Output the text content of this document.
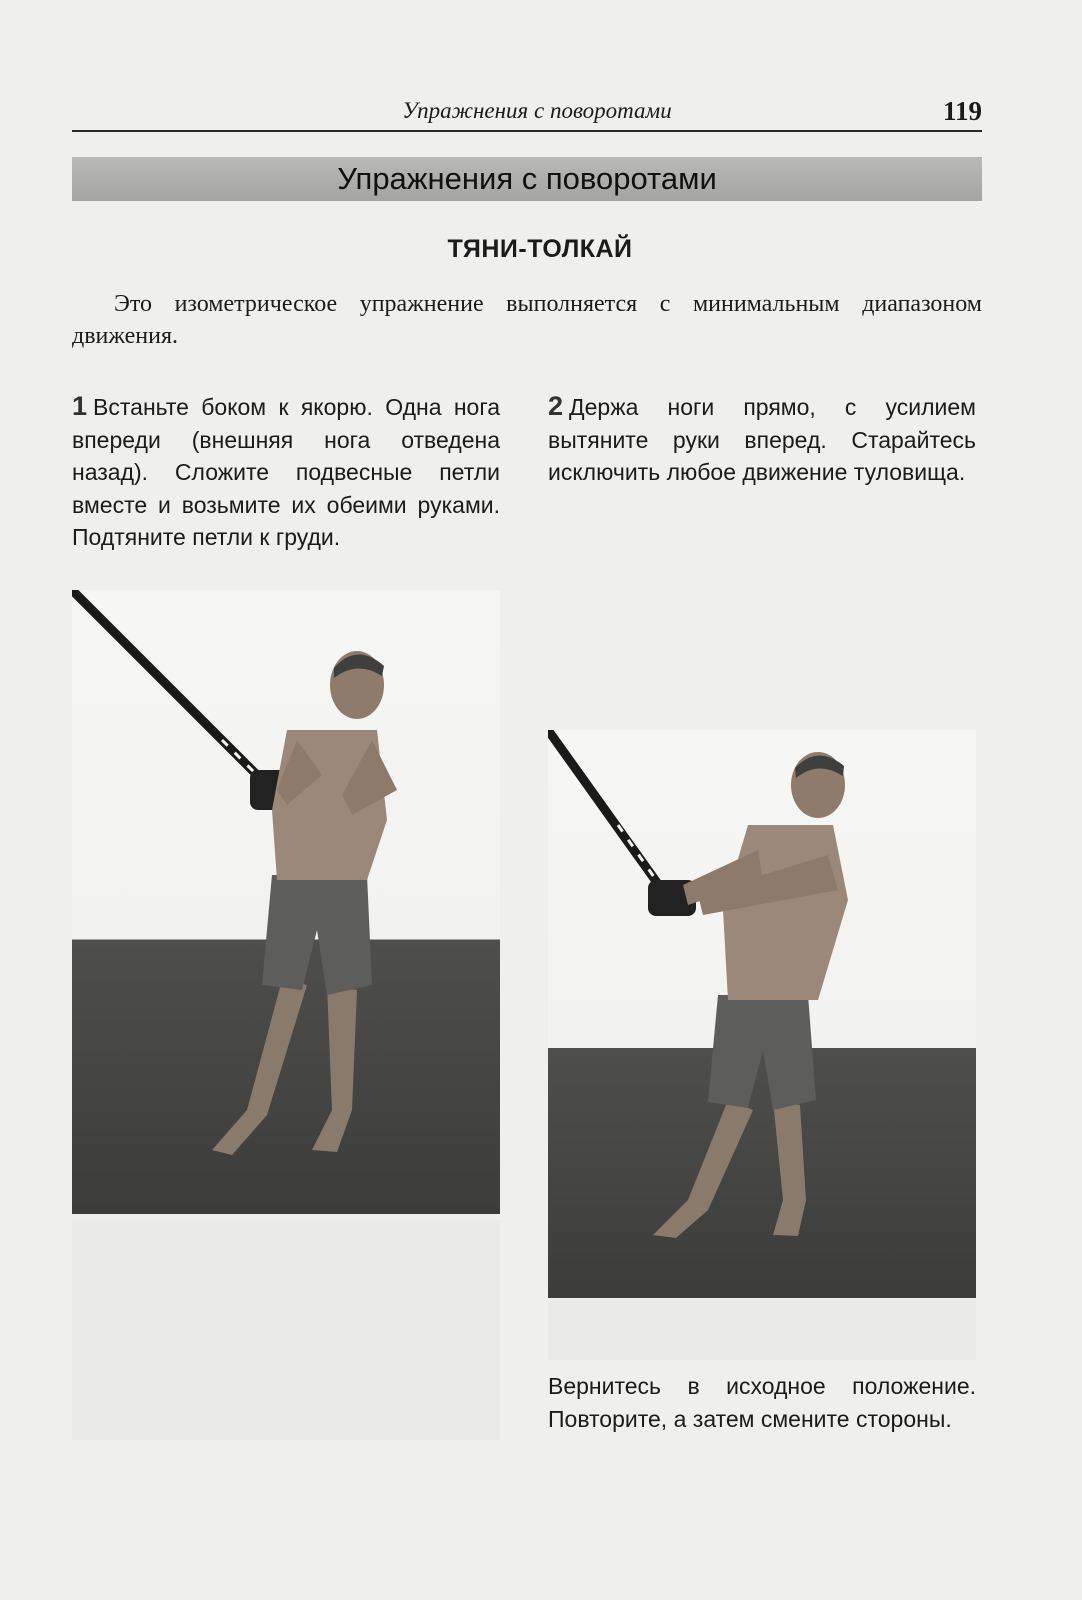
Упражнения с поворотами	119
Упражнения с поворотами
ТЯНИ-ТОЛКАЙ
Это изометрическое упражнение выполняется с минимальным диапазоном движения.
1 Встаньте боком к якорю. Одна нога впереди (внешняя нога отведена назад). Сложите подвесные петли вместе и возьмите их обеими руками. Подтяните петли к груди.
2 Держа ноги прямо, с усилием вытяните руки вперед. Старайтесь исключить любое движение туловища.
Вернитесь в исходное положение. Повторите, а затем смените стороны.
